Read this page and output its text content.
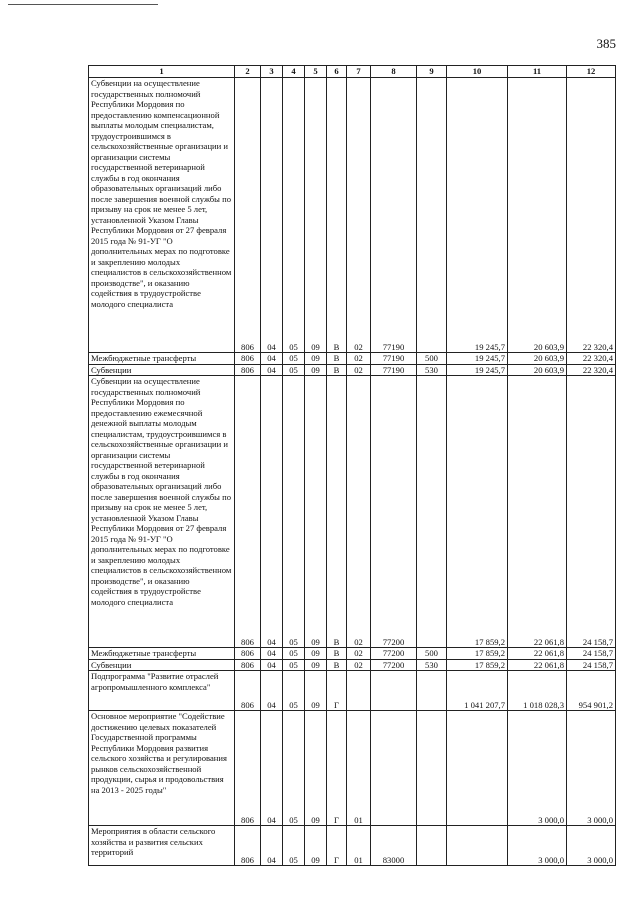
385
1	2	3	4	5	6	7	8	9	10	11	12

Субвенции на осуществление государственных полномочий Республики Мордовия по предоставлению компенсационной выплаты молодым специалистам, трудоустроившимся в сельскохозяйственные организации и организации системы государственной ветеринарной службы в год окончания образовательных организаций либо после завершения военной службы по призыву на срок не менее 5 лет, установленной Указом Главы Республики Мордовия от 27 февраля 2015 года № 91-УГ "О дополнительных мерах по подготовке и закреплению молодых специалистов в сельскохозяйственном производстве", и оказанию содействия в трудоустройстве молодого специалиста	806	04	05	09	В	02	77190		19 245,7	20 603,9	22 320,4

Межбюджетные трансферты	806	04	05	09	В	02	77190	500	19 245,7	20 603,9	22 320,4

Субвенции	806	04	05	09	В	02	77190	530	19 245,7	20 603,9	22 320,4

Субвенции на осуществление государственных полномочий Республики Мордовия по предоставлению ежемесячной денежной выплаты молодым специалистам, трудоустроившимся в сельскохозяйственные организации и организации системы государственной ветеринарной службы в год окончания образовательных организаций либо после завершения военной службы по призыву на срок не менее 5 лет, установленной Указом Главы Республики Мордовия от 27 февраля 2015 года № 91-УГ "О дополнительных мерах по подготовке и закреплению молодых специалистов в сельскохозяйственном производстве", и оказанию содействия в трудоустройстве молодого специалиста	806	04	05	09	В	02	77200		17 859,2	22 061,8	24 158,7

Межбюджетные трансферты	806	04	05	09	В	02	77200	500	17 859,2	22 061,8	24 158,7

Субвенции	806	04	05	09	В	02	77200	530	17 859,2	22 061,8	24 158,7

Подпрограмма "Развитие отраслей агропромышленного комплекса"	806	04	05	09	Г				1 041 207,7	1 018 028,3	954 901,2

Основное мероприятие "Содействие достижению целевых показателей Государственной программы Республики Мордовия развития сельского хозяйства и регулирования рынков сельскохозяйственной продукции, сырья и продовольствия на 2013 - 2025 годы"	806	04	05	09	Г	01				3 000,0	3 000,0

Мероприятия в области сельского хозяйства и развития сельских территорий	806	04	05	09	Г	01	83000			3 000,0	3 000,0
